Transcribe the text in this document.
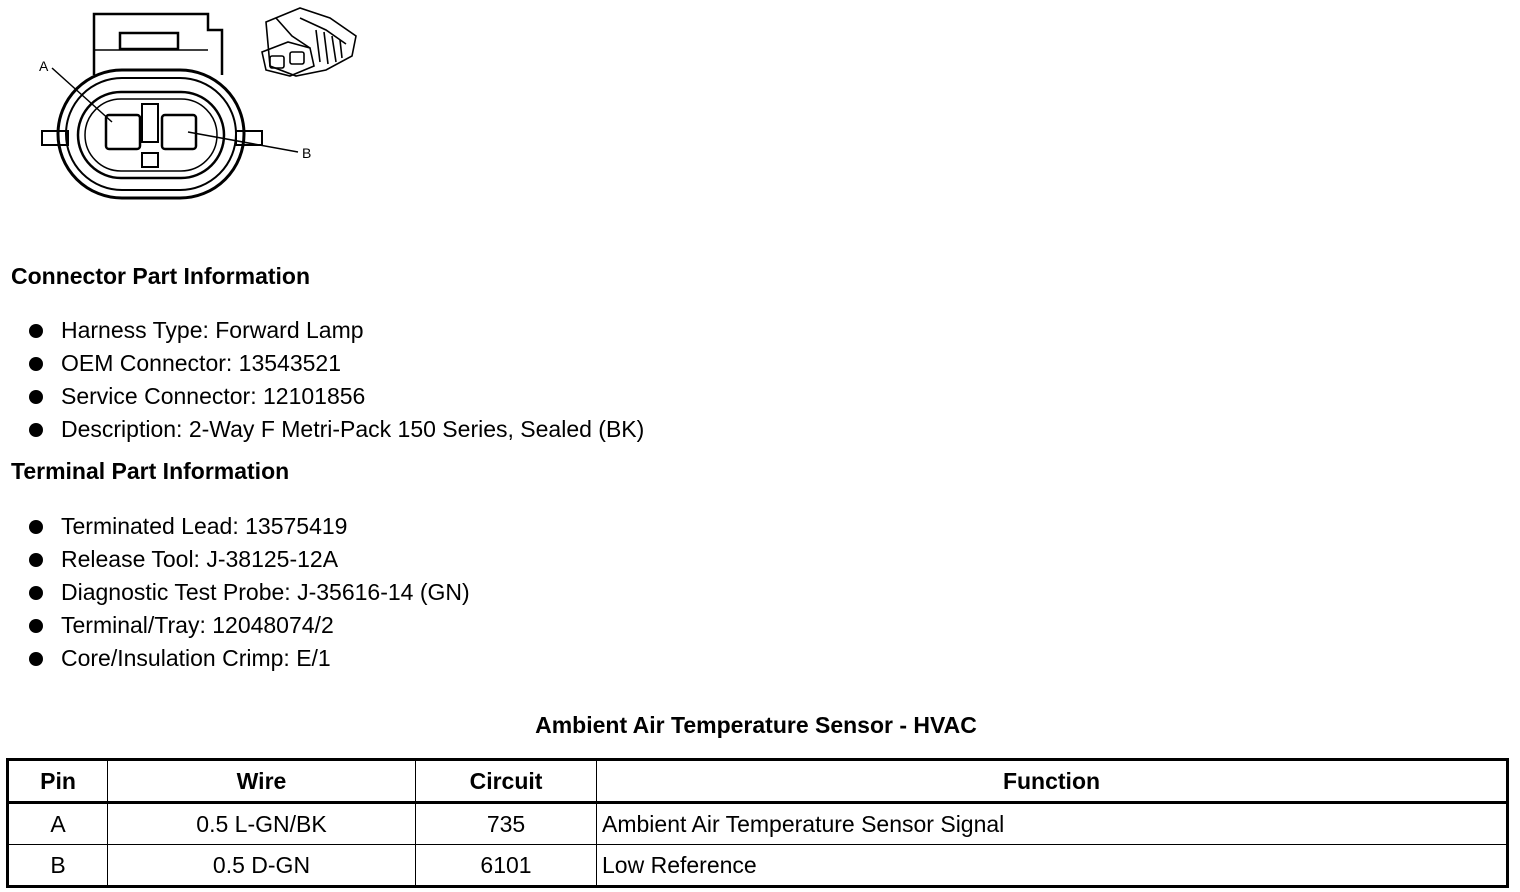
A
B
Connector Part Information
Harness Type: Forward Lamp
OEM Connector: 13543521
Service Connector: 12101856
Description: 2-Way F Metri-Pack 150 Series, Sealed (BK)
Terminal Part Information
Terminated Lead: 13575419
Release Tool: J-38125-12A
Diagnostic Test Probe: J-35616-14 (GN)
Terminal/Tray: 12048074/2
Core/Insulation Crimp: E/1
Ambient Air Temperature Sensor - HVAC
Pin	Wire	Circuit	Function
A	0.5 L-GN/BK	735	Ambient Air Temperature Sensor Signal
B	0.5 D-GN	6101	Low Reference
